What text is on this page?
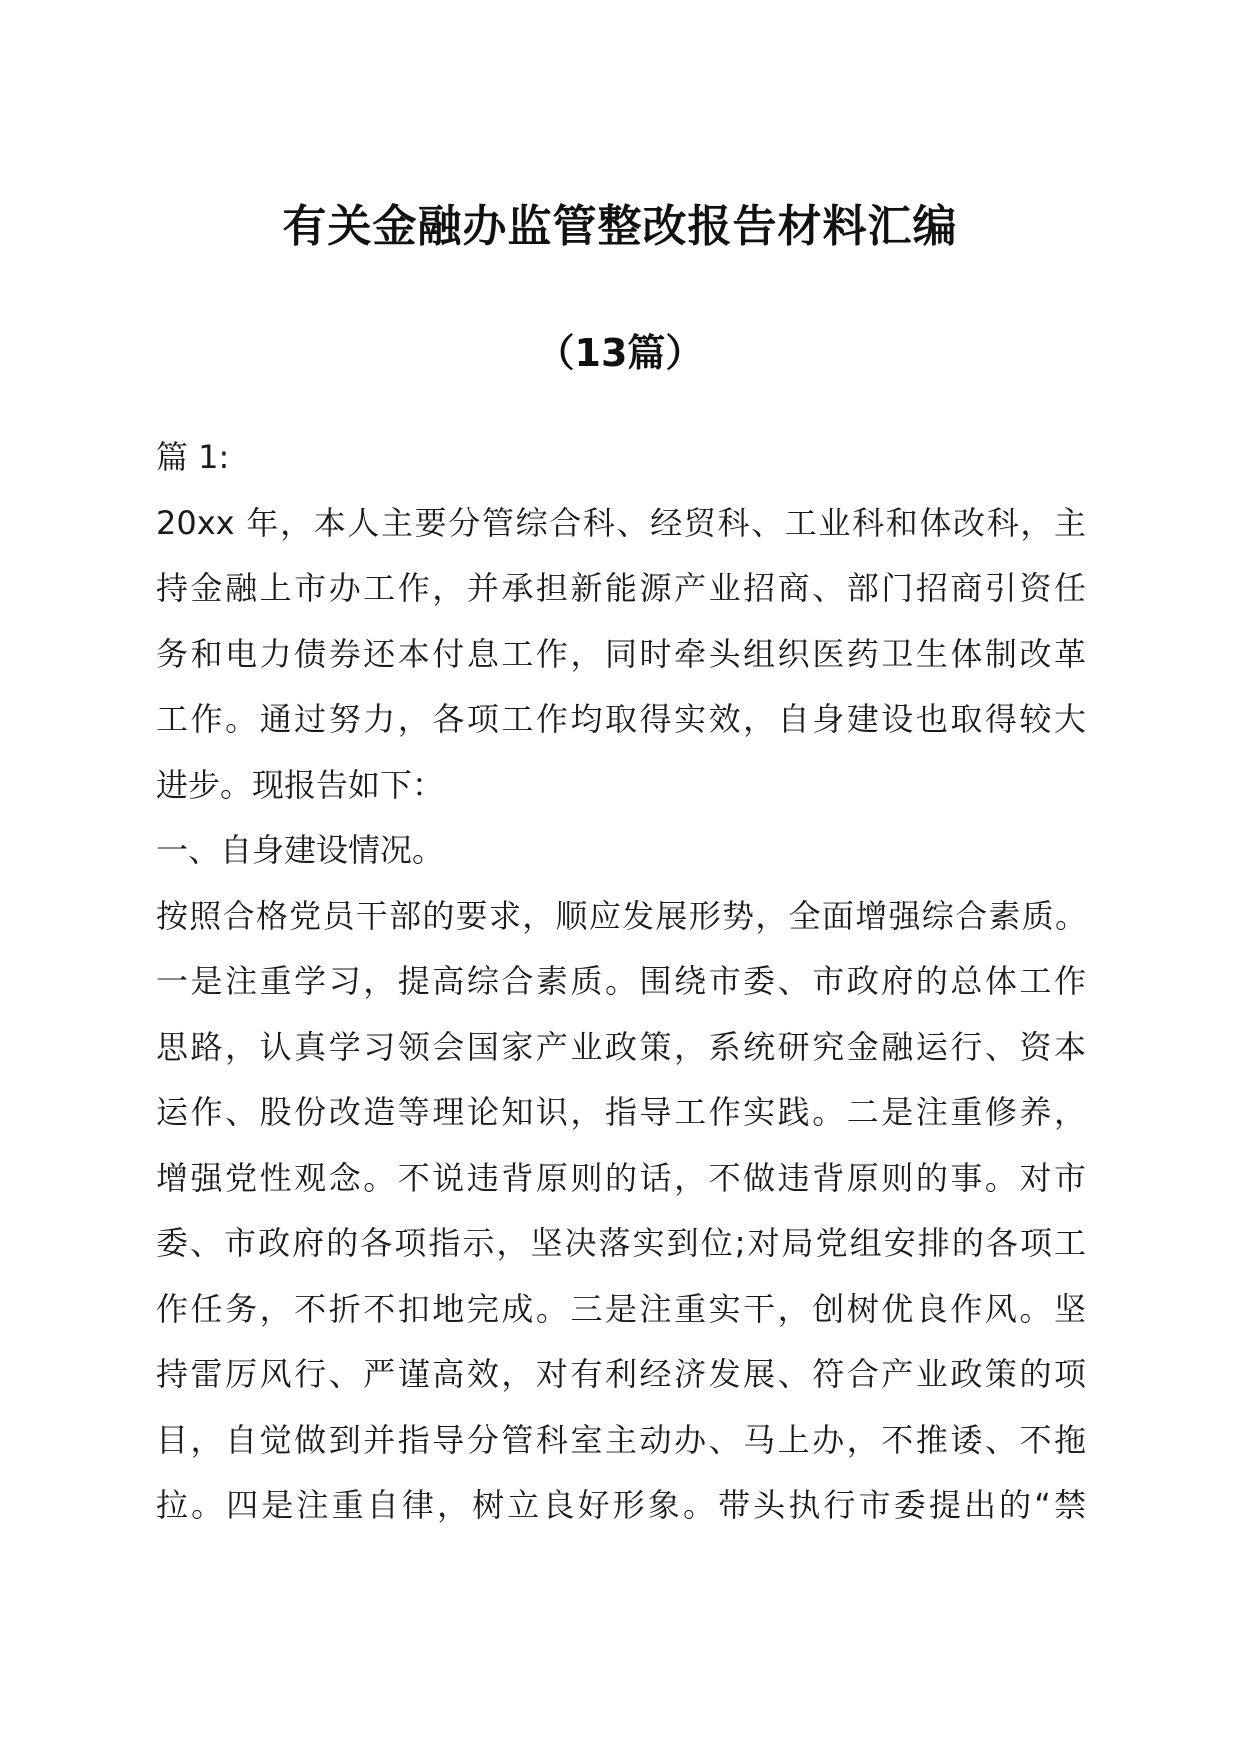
有关金融办监管整改报告材料汇编
（13篇）
篇 1:
20xx 年，本人主要分管综合科、经贸科、工业科和体改科，主
持金融上市办工作，并承担新能源产业招商、部门招商引资任
务和电力债券还本付息工作，同时牵头组织医药卫生体制改革
工作。通过努力，各项工作均取得实效，自身建设也取得较大
进步。现报告如下：
一、自身建设情况。
按照合格党员干部的要求，顺应发展形势，全面增强综合素质。
一是注重学习，提高综合素质。围绕市委、市政府的总体工作
思路，认真学习领会国家产业政策，系统研究金融运行、资本
运作、股份改造等理论知识，指导工作实践。二是注重修养，
增强党性观念。不说违背原则的话，不做违背原则的事。对市
委、市政府的各项指示，坚决落实到位;对局党组安排的各项工
作任务，不折不扣地完成。三是注重实干，创树优良作风。坚
持雷厉风行、严谨高效，对有利经济发展、符合产业政策的项
目，自觉做到并指导分管科室主动办、马上办，不推诿、不拖
拉。四是注重自律，树立良好形象。带头执行市委提出的“禁
